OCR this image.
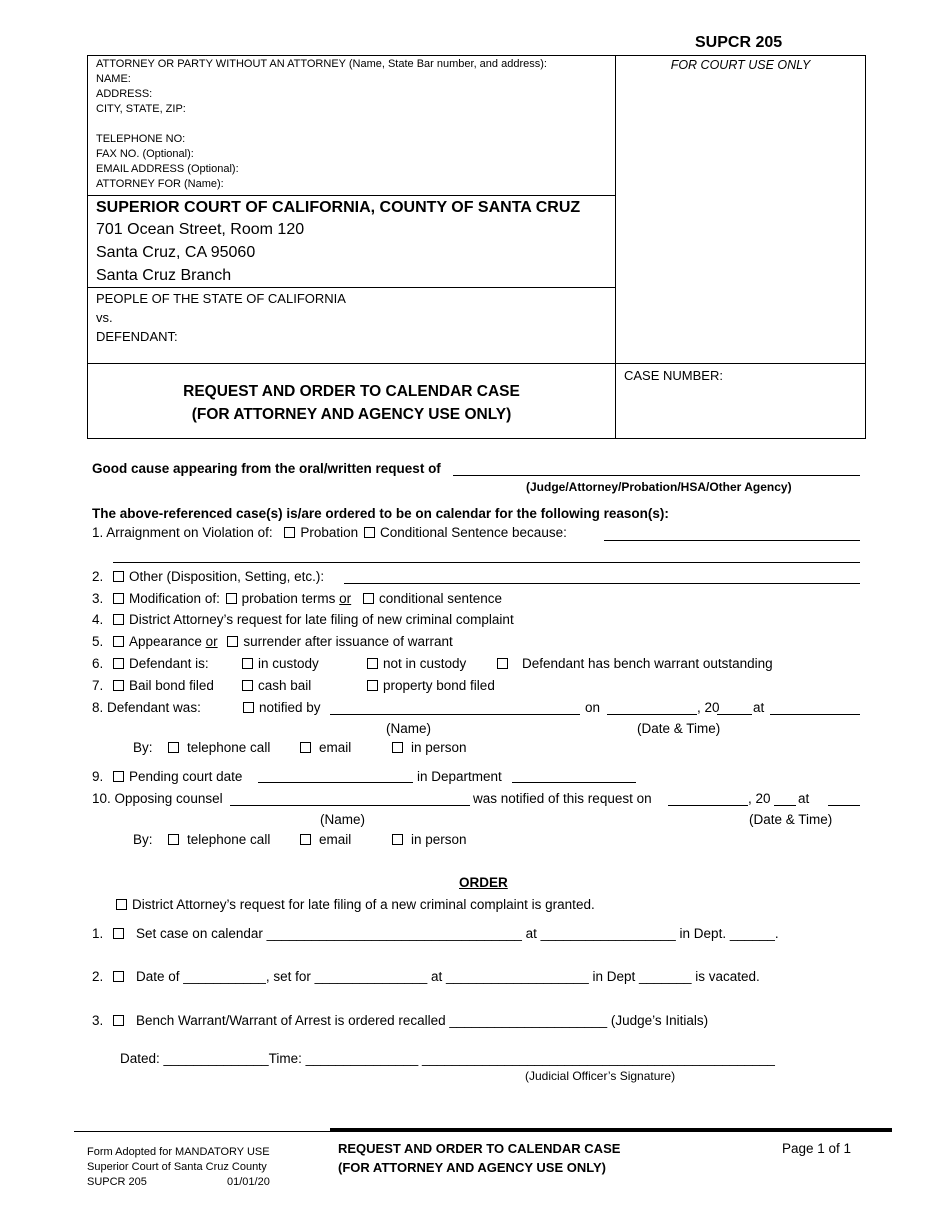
SUPCR 205
FOR COURT USE ONLY
ATTORNEY OR PARTY WITHOUT AN ATTORNEY (Name, State Bar number, and address):
NAME:
ADDRESS:
CITY, STATE, ZIP:
TELEPHONE NO:
FAX NO. (Optional):
EMAIL ADDRESS (Optional):
ATTORNEY FOR (Name):
SUPERIOR COURT OF CALIFORNIA, COUNTY OF SANTA CRUZ
701 Ocean Street, Room 120
Santa Cruz, CA 95060
Santa Cruz Branch
PEOPLE OF THE STATE OF CALIFORNIA
vs.
DEFENDANT:
REQUEST AND ORDER TO CALENDAR CASE
(FOR ATTORNEY AND AGENCY USE ONLY)
CASE NUMBER:
Good cause appearing from the oral/written request of
(Judge/Attorney/Probation/HSA/Other Agency)
The above-referenced case(s) is/are ordered to be on calendar for the following reason(s):
1. Arraignment on Violation of: Probation Conditional Sentence because:
2. Other (Disposition, Setting, etc.):
3. Modification of: probation terms or conditional sentence
4. District Attorney’s request for late filing of new criminal complaint
5. Appearance or surrender after issuance of warrant
6. Defendant is:	in custody	not in custody	Defendant has bench warrant outstanding
7. Bail bond filed	cash bail	property bond filed
8. Defendant was:	notified by	on	, 20 at
(Name)	(Date & Time)
By:	telephone call	email	in person
9. Pending court date	in Department
10. Opposing counsel	was notified of this request on	, 20 at
(Name)	(Date & Time)
By:	telephone call	email	in person
ORDER
District Attorney’s request for late filing of a new criminal complaint is granted.
1. Set case on calendar __________________________________ at __________________ in Dept. ______.
2. Date of ___________, set for _______________ at ___________________ in Dept _______ is vacated.
3. Bench Warrant/Warrant of Arrest is ordered recalled _____________________ (Judge’s Initials)
Dated: ______________Time: _______________ _______________________________________________
(Judicial Officer’s Signature)
Form Adopted for MANDATORY USE
Superior Court of Santa Cruz County
SUPCR 205	01/01/20
REQUEST AND ORDER TO CALENDAR CASE
(FOR ATTORNEY AND AGENCY USE ONLY)
Page 1 of 1
